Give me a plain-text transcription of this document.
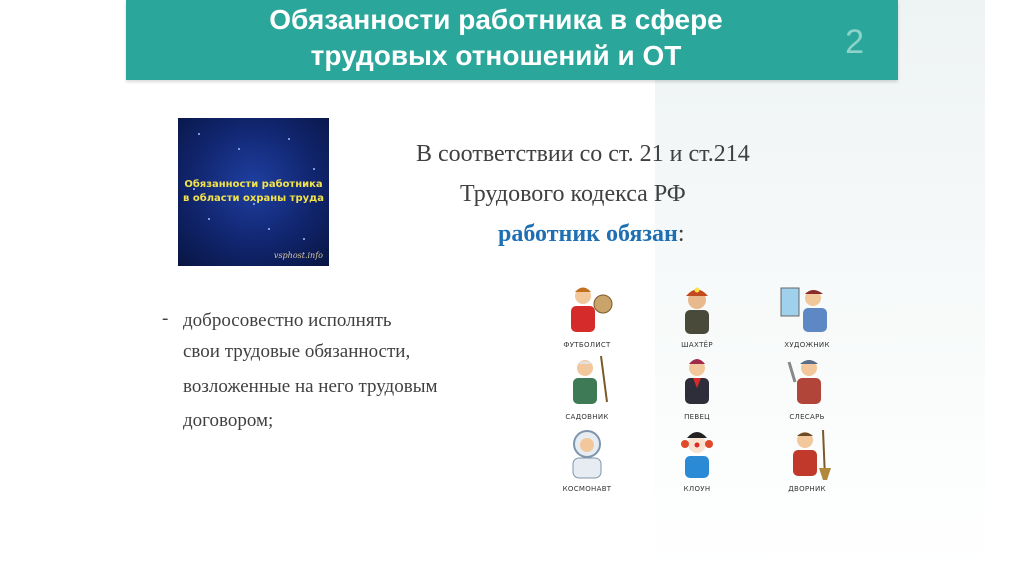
Обязанности работника в сфере
трудовых отношений и ОТ	2
Обязанности работника
в области охраны труда
vsphost.info
В соответствии со ст. 21 и ст.214
Трудового кодекса РФ
работник обязан:
- добросовестно исполнять
свои трудовые обязанности,
возложенные на него трудовым
договором;
ФУТБОЛИСТ	ШАХТЁР	ХУДОЖНИК
САДОВНИК	ПЕВЕЦ	СЛЕСАРЬ
КОСМОНАВТ	КЛОУН	ДВОРНИК
